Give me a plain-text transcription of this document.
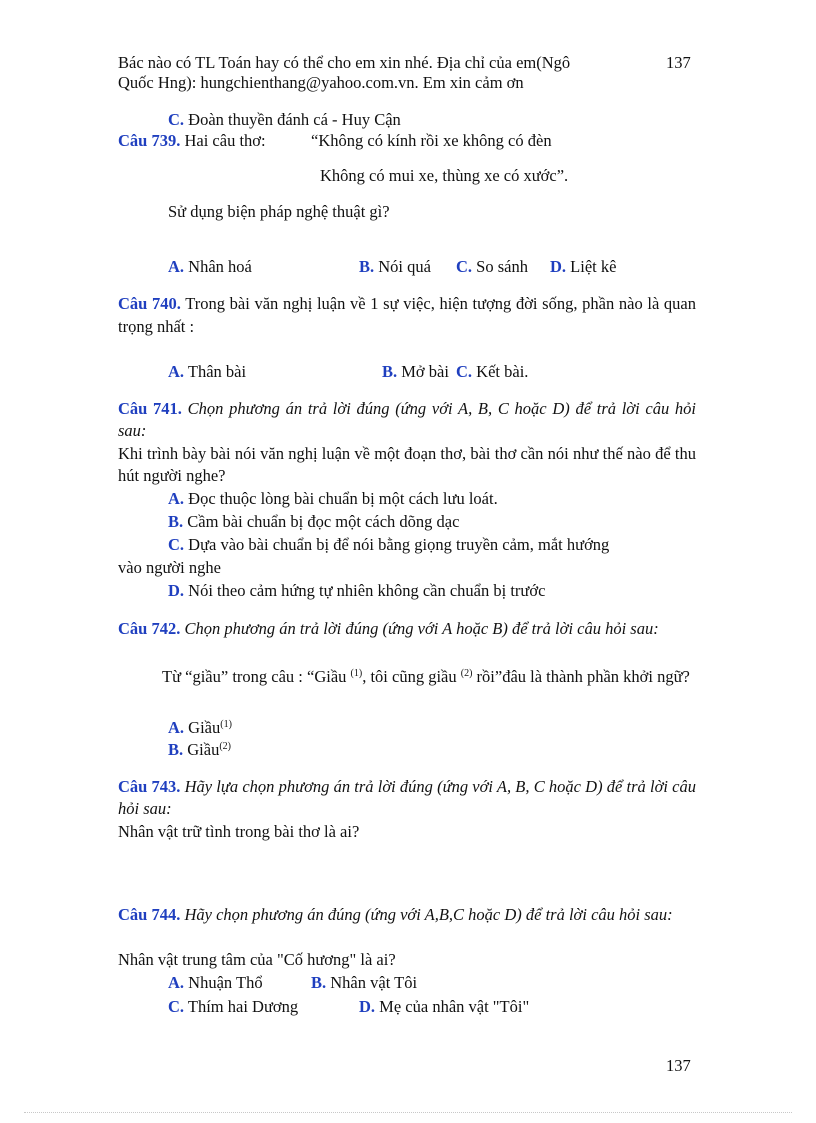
Bác nào có TL Toán hay có thể cho em xin nhé. Địa chỉ của em(Ngô	137
Quốc Hng): hungchienthang@yahoo.com.vn. Em xin cảm ơn
C. Đoàn thuyền đánh cá - Huy Cận
Câu 739. Hai câu thơ:	“Không có kính rồi xe không có đèn
Không có mui xe, thùng xe có xước”.
Sử dụng biện pháp nghệ thuật gì?
A. Nhân hoá	B. Nói quá C. So sánh D. Liệt kê
Câu 740. Trong bài văn nghị luận về 1 sự việc, hiện tượng đời sống, phần nào là quan trọng nhất :
A. Thân bài	B. Mở bài C. Kết bài.
Câu 741. Chọn phương án trả lời đúng (ứng với A, B, C hoặc D) để trả lời câu hỏi sau:
Khi trình bày bài nói văn nghị luận về một đoạn thơ, bài thơ cần nói như thế nào để thu hút người nghe?
A. Đọc thuộc lòng bài chuẩn bị một cách lưu loát.
B. Cầm bài chuẩn bị đọc một cách dõng dạc
C. Dựa vào bài chuẩn bị để nói bằng giọng truyền cảm, mắt hướng
vào người nghe
D. Nói theo cảm hứng tự nhiên không cần chuẩn bị trước
Câu 742. Chọn phương án trả lời đúng (ứng với A hoặc B) để trả lời câu hỏi sau:
Từ “giầu” trong câu : “Giầu $^{(1)}$, tôi cũng giầu $^{(2)}$ rồi”đâu là thành phần khởi ngữ?
A. Giầu$^{(1)}$
B. Giầu$^{(2)}$
Câu 743. Hãy lựa chọn phương án trả lời đúng (ứng với A, B, C hoặc D) để trả lời câu hỏi sau:
Nhân vật trữ tình trong bài thơ là ai?
Câu 744. Hãy chọn phương án đúng (ứng với A,B,C hoặc D) để trả lời câu hỏi sau:
Nhân vật trung tâm của "Cố hương" là ai?
A. Nhuận Thổ	B. Nhân vật Tôi
C. Thím hai Dương	D. Mẹ của nhân vật "Tôi"
137
